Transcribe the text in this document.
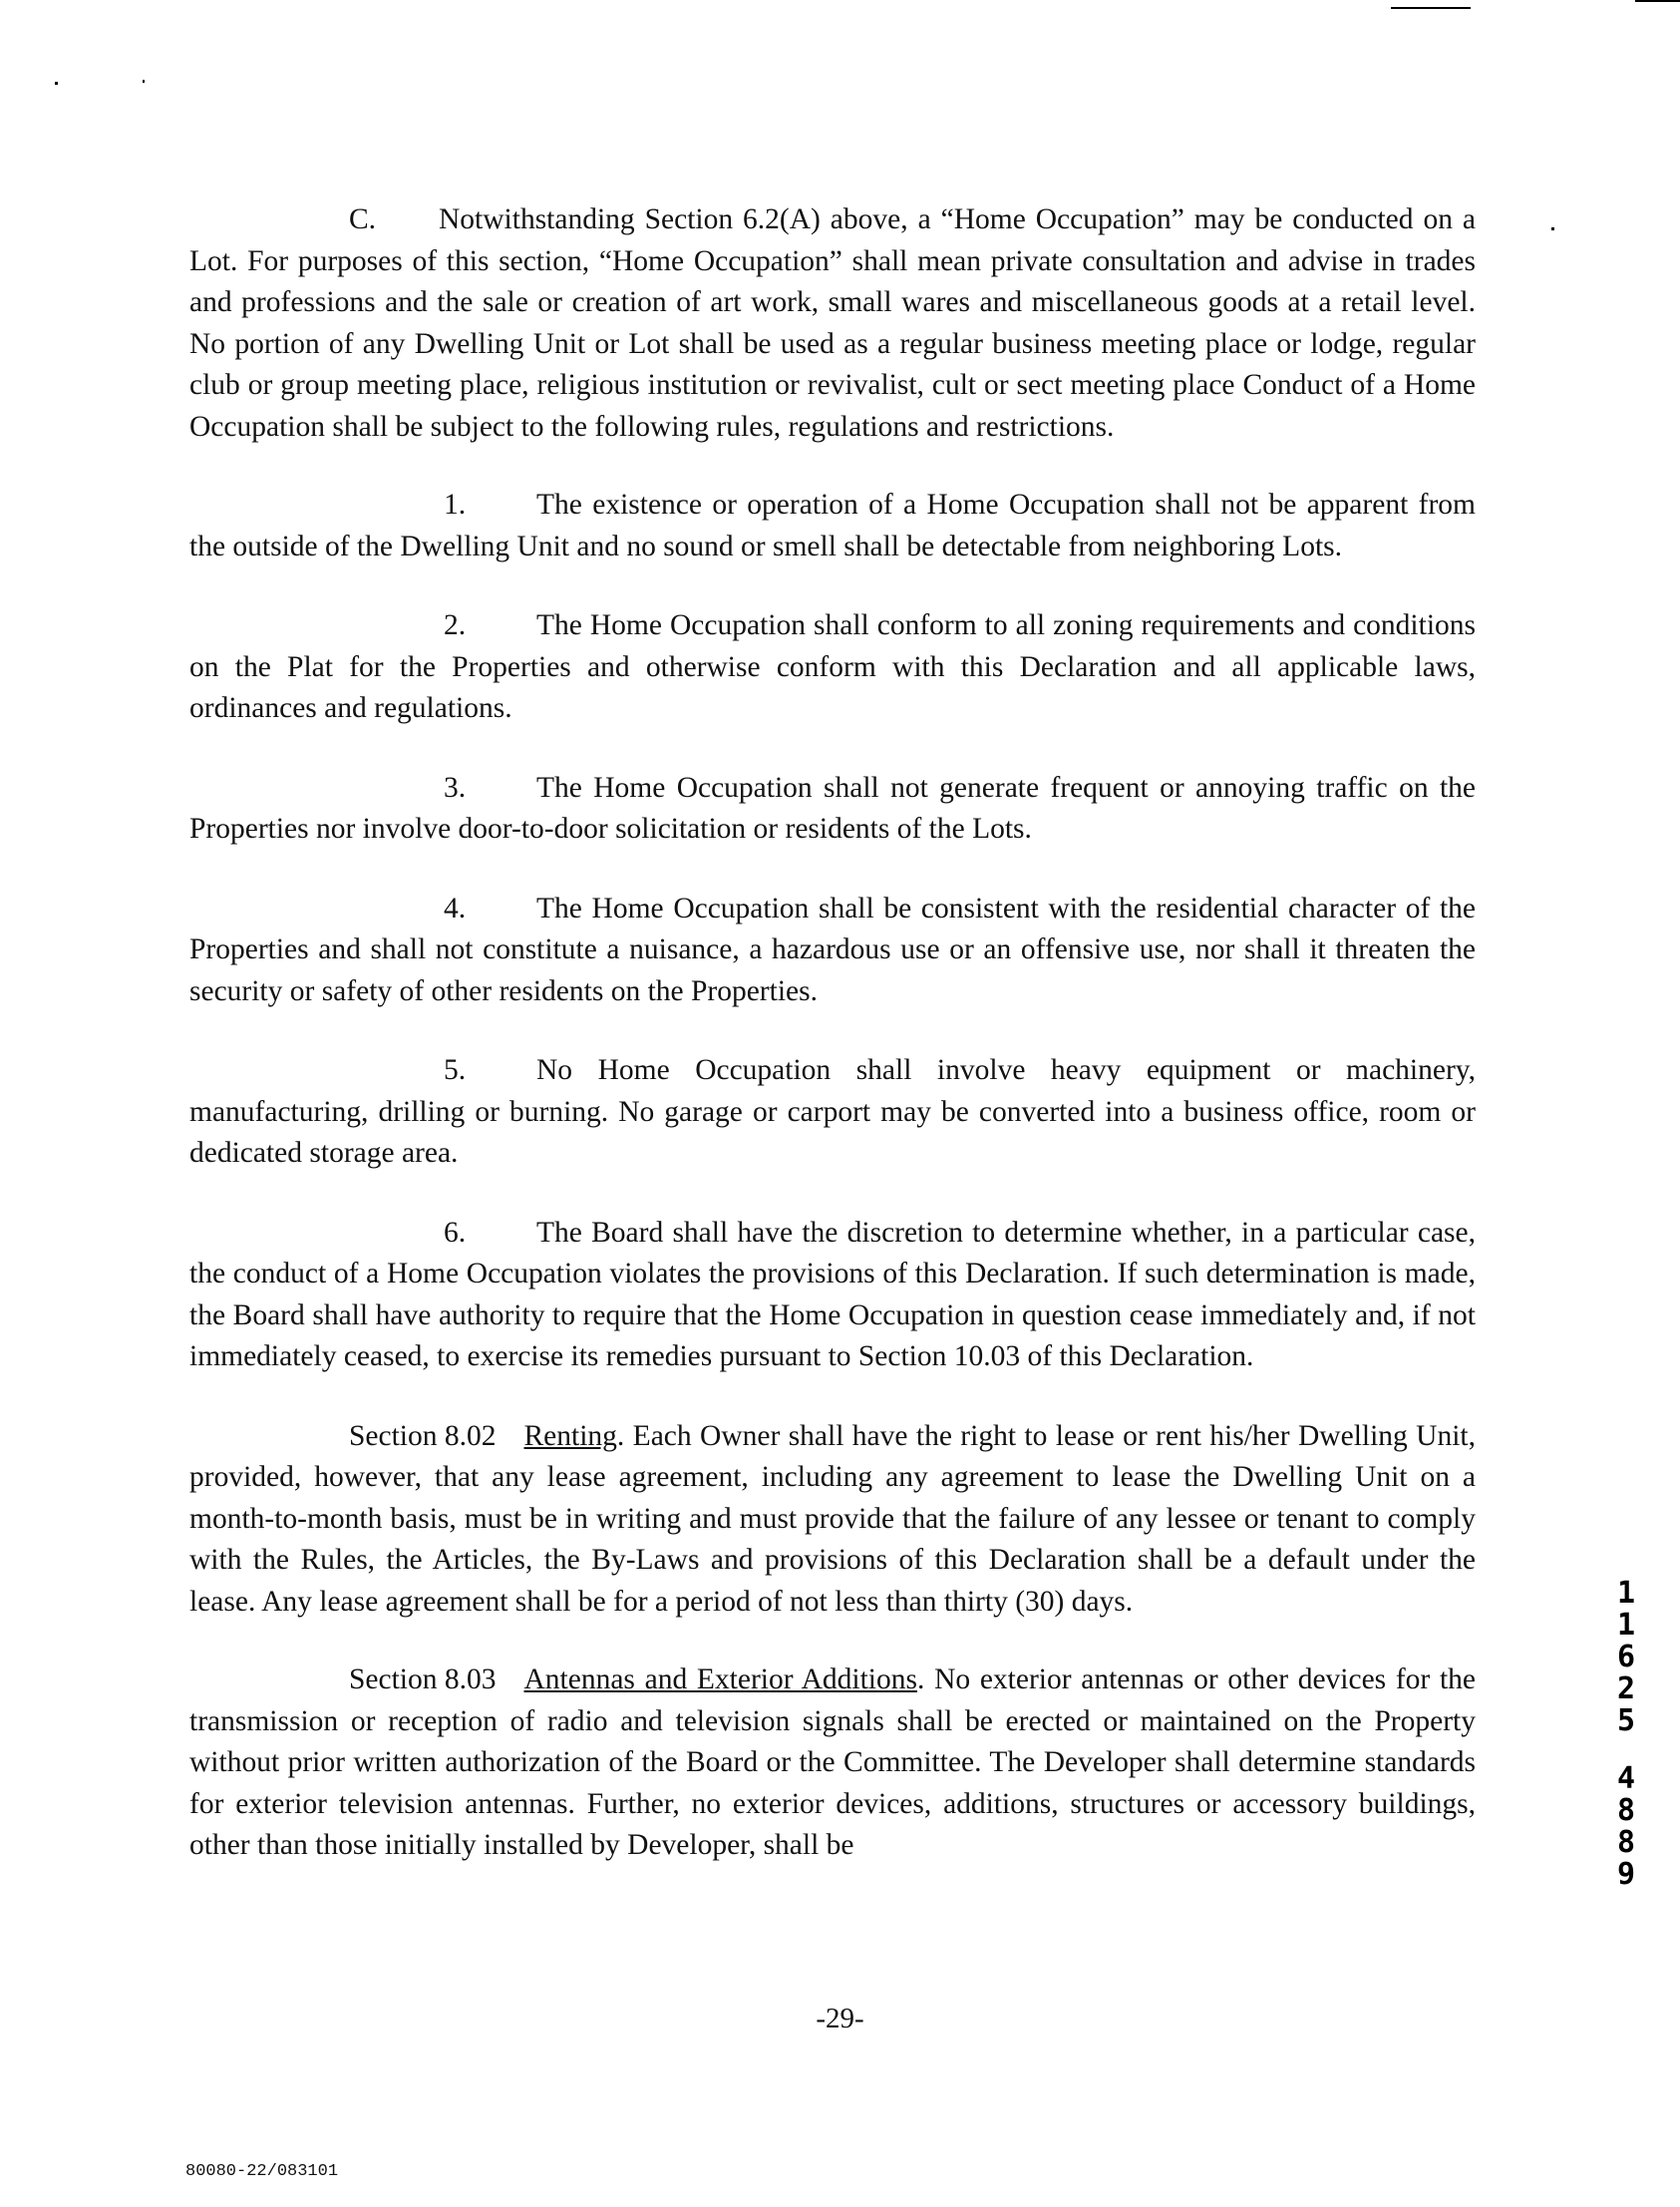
C. Notwithstanding Section 6.2(A) above, a “Home Occupation” may be conducted on a Lot. For purposes of this section, “Home Occupation” shall mean private consultation and advise in trades and professions and the sale or creation of art work, small wares and miscellaneous goods at a retail level. No portion of any Dwelling Unit or Lot shall be used as a regular business meeting place or lodge, regular club or group meeting place, religious institution or revivalist, cult or sect meeting place Conduct of a Home Occupation shall be subject to the following rules, regulations and restrictions.

1. The existence or operation of a Home Occupation shall not be apparent from the outside of the Dwelling Unit and no sound or smell shall be detectable from neighboring Lots.

2. The Home Occupation shall conform to all zoning requirements and conditions on the Plat for the Properties and otherwise conform with this Declaration and all applicable laws, ordinances and regulations.

3. The Home Occupation shall not generate frequent or annoying traffic on the Properties nor involve door-to-door solicitation or residents of the Lots.

4. The Home Occupation shall be consistent with the residential character of the Properties and shall not constitute a nuisance, a hazardous use or an offensive use, nor shall it threaten the security or safety of other residents on the Properties.

5. No Home Occupation shall involve heavy equipment or machinery, manufacturing, drilling or burning. No garage or carport may be converted into a business office, room or dedicated storage area.

6. The Board shall have the discretion to determine whether, in a particular case, the conduct of a Home Occupation violates the provisions of this Declaration. If such determination is made, the Board shall have authority to require that the Home Occupation in question cease immediately and, if not immediately ceased, to exercise its remedies pursuant to Section 10.03 of this Declaration.

Section 8.02 Renting. Each Owner shall have the right to lease or rent his/her Dwelling Unit, provided, however, that any lease agreement, including any agreement to lease the Dwelling Unit on a month-to-month basis, must be in writing and must provide that the failure of any lessee or tenant to comply with the Rules, the Articles, the By-Laws and provisions of this Declaration shall be a default under the lease. Any lease agreement shall be for a period of not less than thirty (30) days.

Section 8.03 Antennas and Exterior Additions. No exterior antennas or other devices for the transmission or reception of radio and television signals shall be erected or maintained on the Property without prior written authorization of the Board or the Committee. The Developer shall determine standards for exterior television antennas. Further, no exterior devices, additions, structures or accessory buildings, other than those initially installed by Developer, shall be

1
1
6
2
5
4
8
8
9
-29-
80080-22/083101
